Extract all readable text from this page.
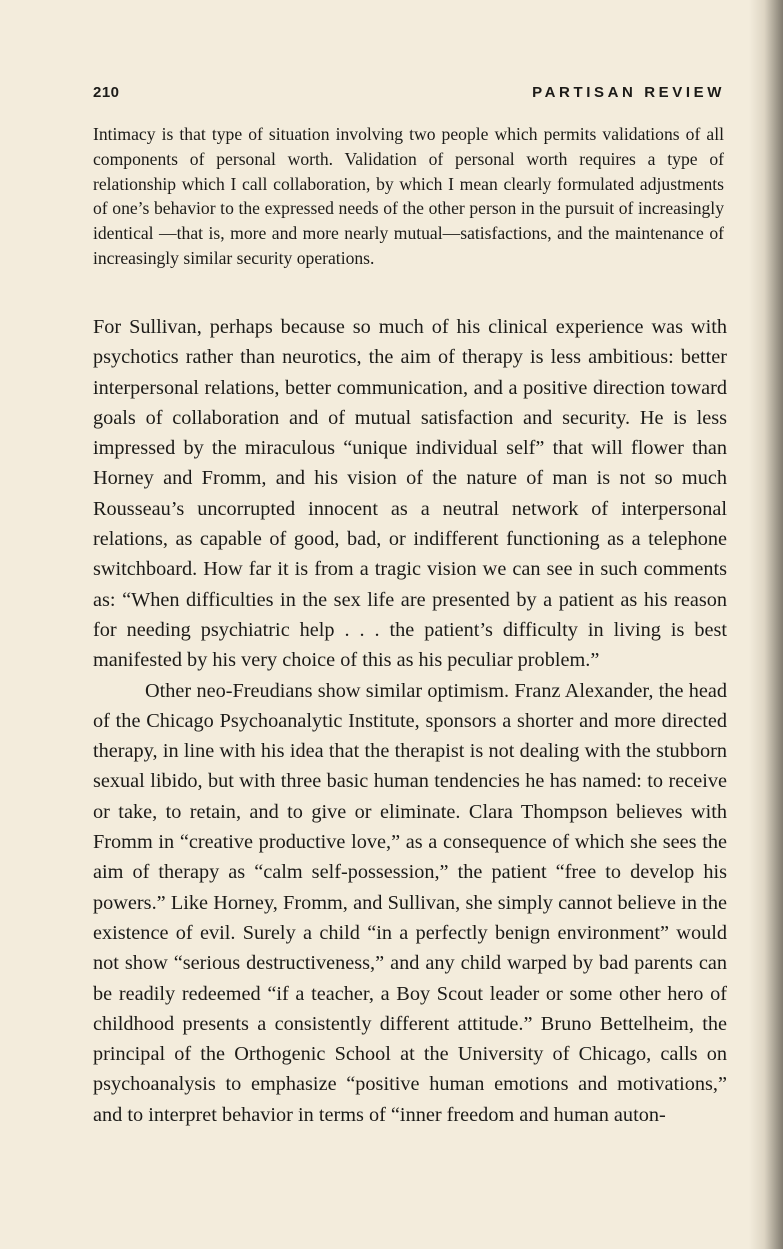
210	PARTISAN REVIEW

Intimacy is that type of situation involving two people which permits validations of all components of personal worth. Validation of personal worth requires a type of relationship which I call collaboration, by which I mean clearly formulated adjustments of one’s behavior to the expressed needs of the other person in the pursuit of increasingly identical —that is, more and more nearly mutual—satisfactions, and the maintenance of increasingly similar security operations.

For Sullivan, perhaps because so much of his clinical experience was with psychotics rather than neurotics, the aim of therapy is less ambitious: better interpersonal relations, better communication, and a positive direction toward goals of collaboration and of mutual satisfaction and security. He is less impressed by the miraculous “unique individual self” that will flower than Horney and Fromm, and his vision of the nature of man is not so much Rousseau’s uncorrupted innocent as a neutral network of interpersonal relations, as capable of good, bad, or indifferent functioning as a telephone switchboard. How far it is from a tragic vision we can see in such comments as: “When difficulties in the sex life are presented by a patient as his reason for needing psychiatric help . . . the patient’s difficulty in living is best manifested by his very choice of this as his peculiar problem.”

Other neo-Freudians show similar optimism. Franz Alexander, the head of the Chicago Psychoanalytic Institute, sponsors a shorter and more directed therapy, in line with his idea that the therapist is not dealing with the stubborn sexual libido, but with three basic human tendencies he has named: to receive or take, to retain, and to give or eliminate. Clara Thompson believes with Fromm in “creative productive love,” as a consequence of which she sees the aim of therapy as “calm self-possession,” the patient “free to develop his powers.” Like Horney, Fromm, and Sullivan, she simply cannot believe in the existence of evil. Surely a child “in a perfectly benign environment” would not show “serious destructiveness,” and any child warped by bad parents can be readily redeemed “if a teacher, a Boy Scout leader or some other hero of childhood presents a consistently different attitude.” Bruno Bettelheim, the principal of the Orthogenic School at the University of Chicago, calls on psychoanalysis to emphasize “positive human emotions and motivations,” and to interpret behavior in terms of “inner freedom and human auton-
